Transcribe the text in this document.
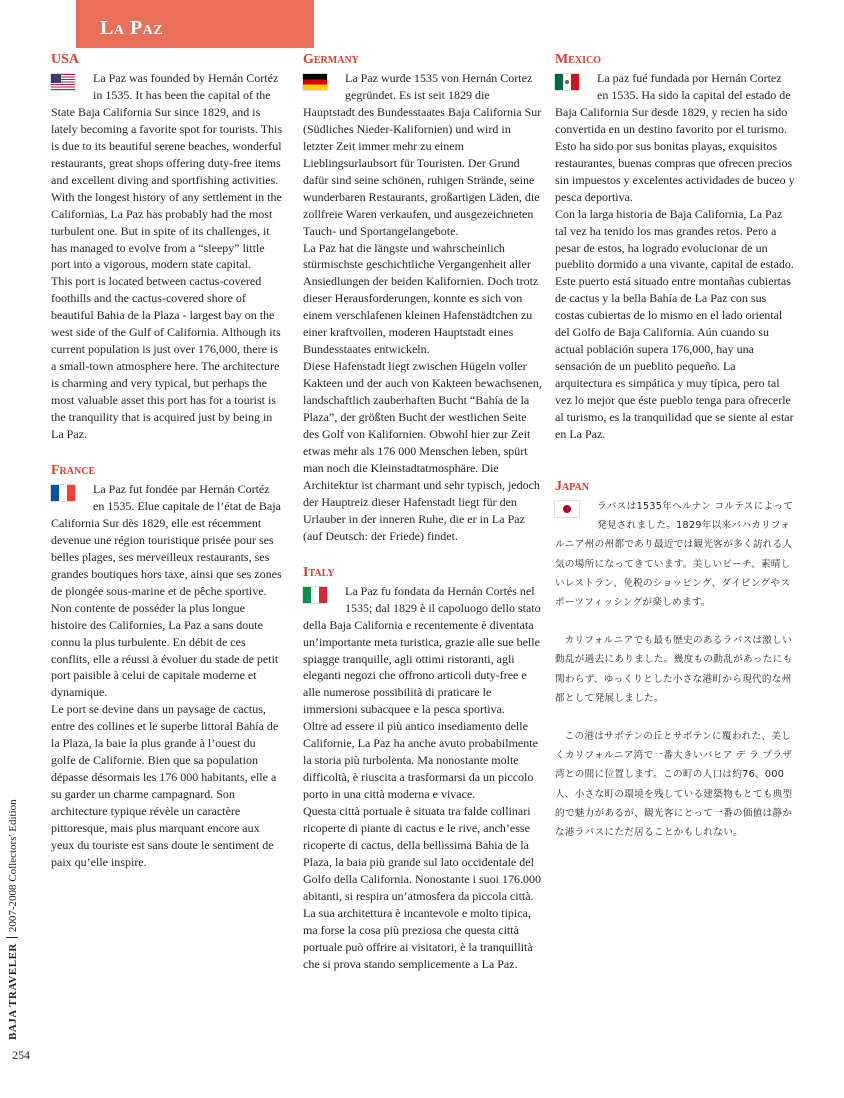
La Paz
USA

La Paz was founded by Hernán Cortéz in 1535. It has been the capital of the State Baja California Sur since 1829, and is lately becoming a favorite spot for tourists. This is due to its beautiful serene beaches, wonderful restaurants, great shops offering duty-free items and excellent diving and sportfishing activities.

With the longest history of any settlement in the Californias, La Paz has probably had the most turbulent one. But in spite of its challenges, it has managed to evolve from a “sleepy” little port into a vigorous, modern state capital.

This port is located between cactus-covered foothills and the cactus-covered shore of beautiful Bahia de la Plaza - largest bay on the west side of the Gulf of California. Although its current population is just over 176,000, there is a small-town atmosphere here. The architecture is charming and very typical, but perhaps the most valuable asset this port has for a tourist is the tranquility that is acquired just by being in La Paz.

France

La Paz fut fondée par Hernán Cortéz en 1535. Elue capitale de l’état de Baja California Sur dès 1829, elle est récemment devenue une région touristique prisée pour ses belles plages, ses merveilleux restaurants, ses grandes boutiques hors taxe, ainsi que ses zones de plongée sous-marine et de pêche sportive.

Non contente de posséder la plus longue histoire des Californies, La Paz a sans doute connu la plus turbulente. En débit de ces conflits, elle a réussi à évoluer du stade de petit port paisible à celui de capitale moderne et dynamique.

Le port se devine dans un paysage de cactus, entre des collines et le superbe littoral Bahía de la Plaza, la baie la plus grande à l’ouest du golfe de Californie. Bien que sa population dépasse désormais les 176 000 habitants, elle a su garder un charme campagnard. Son architecture typique révèle un caractère pittoresque, mais plus marquant encore aux yeux du touriste est sans doute le sentiment de paix qu’elle inspire.

Germany

La Paz wurde 1535 von Hernán Cortez gegründet. Es ist seit 1829 die Hauptstadt des Bundesstaates Baja California Sur (Südliches Nieder-Kalifornien) und wird in letzter Zeit immer mehr zu einem Lieblingsurlaubsort für Touristen. Der Grund dafür sind seine schönen, ruhigen Strände, seine wunderbaren Restaurants, großartigen Läden, die zollfreie Waren verkaufen, und ausgezeichneten Tauch- und Sportangelangebote.

La Paz hat die längste und wahrscheinlich stürmischste geschichtliche Vergangenheit aller Ansiedlungen der beiden Kalifornien. Doch trotz dieser Herausforderungen, konnte es sich von einem verschlafenen kleinen Hafenstädtchen zu einer kraftvollen, moderen Hauptstadt eines Bundesstaates entwickeln.

Diese Hafenstadt liegt zwischen Hügeln voller Kakteen und der auch von Kakteen bewachsenen, landschaftlich zauberhaften Bucht “Bahía de la Plaza”, der größten Bucht der westlichen Seite des Golf von Kalifornien. Obwohl hier zur Zeit etwas mehr als 176 000 Menschen leben, spürt man noch die Kleinstadtatmosphäre. Die Architektur ist charmant und sehr typisch, jedoch der Hauptreiz dieser Hafenstadt liegt für den Urlauber in der inneren Ruhe, die er in La Paz (auf Deutsch: der Friede) findet.

Italy

La Paz fu fondata da Hernán Cortés nel 1535; dal 1829 è il capoluogo dello stato della Baja California e recentemente è diventata un’importante meta turistica, grazie alle sue belle spiagge tranquille, agli ottimi ristoranti, agli eleganti negozi che offrono articoli duty-free e alle numerose possibilità di praticare le immersioni subacquee e la pesca sportiva.

Oltre ad essere il più antico insediamento delle Californie, La Paz ha anche avuto probabilmente la storia più turbolenta. Ma nonostante molte difficoltà, è riuscita a trasformarsi da un piccolo porto in una città moderna e vivace.

Questa città portuale è situata tra falde collinari ricoperte di piante di cactus e le rive, anch’esse ricoperte di cactus, della bellissima Bahia de la Plaza, la baia più grande sul lato occidentale del Golfo della California. Nonostante i suoi 176.000 abitanti, si respira un’atmosfera da piccola città. La sua architettura è incantevole e molto tipica, ma forse la cosa più preziosa che questa città portuale può offrire ai visitatori, è la tranquillità che si prova stando semplicemente a La Paz.

Mexico

La paz fué fundada por Hernán Cortez en 1535. Ha sido la capital del estado de Baja California Sur desde 1829, y recien ha sido convertida en un destino favorito por el turismo. Esto ha sido por sus bonitas playas, exquisitos restaurantes, buenas compras que ofrecen precios sin impuestos y excelentes actividades de buceo y pesca deportiva.

Con la larga historia de Baja California, La Paz tal vez ha tenido los mas grandes retos. Pero a pesar de estos, ha logrado evolucionar de un pueblito dormido a una vivante, capital de estado.

Este puerto está situado entre montañas cubiertas de cactus y la bella Bahía de La Paz con sus costas cubiertas de lo mismo en el lado oriental del Golfo de Baja California. Aún cuando su actual población supera 176,000, hay una sensación de un pueblito pequeño. La arquitectura es simpática y muy típica, pero tal vez lo mejor que éste pueblo tenga para ofrecerle al turismo, es la tranquilidad que se siente al estar en La Paz.

Japan

ラパスは1535年ヘルナン コルテスによって発見されました。1829年以来バハカリフォルニア州の州都であり最近では観光客が多く訪れる人気の場所になってきています。美しいビーチ、素晴しいレストラン、免税のショッピング、ダイビングやスポーツフィッシングが楽しめます。

カリフォルニアでも最も歴史のあるラパスは激しい動乱が過去にありました。幾度もの動乱があったにも関わらず、ゆっくりとした小さな港町から現代的な州都として発展しました。

この港はサボテンの丘とサボテンに覆われた、美しくカリフォルニア湾で一番大きいバヒア デ ラ プラザ湾との間に位置します。この町の人口は約76、000人、小さな町の環境を残している建築物もとても典型的で魅力があるが、観光客にとって一番の価値は静かな港ラパスにただ居ることかもしれない。

BAJA TRAVELER2007-2008 Collectors' Edition
254
